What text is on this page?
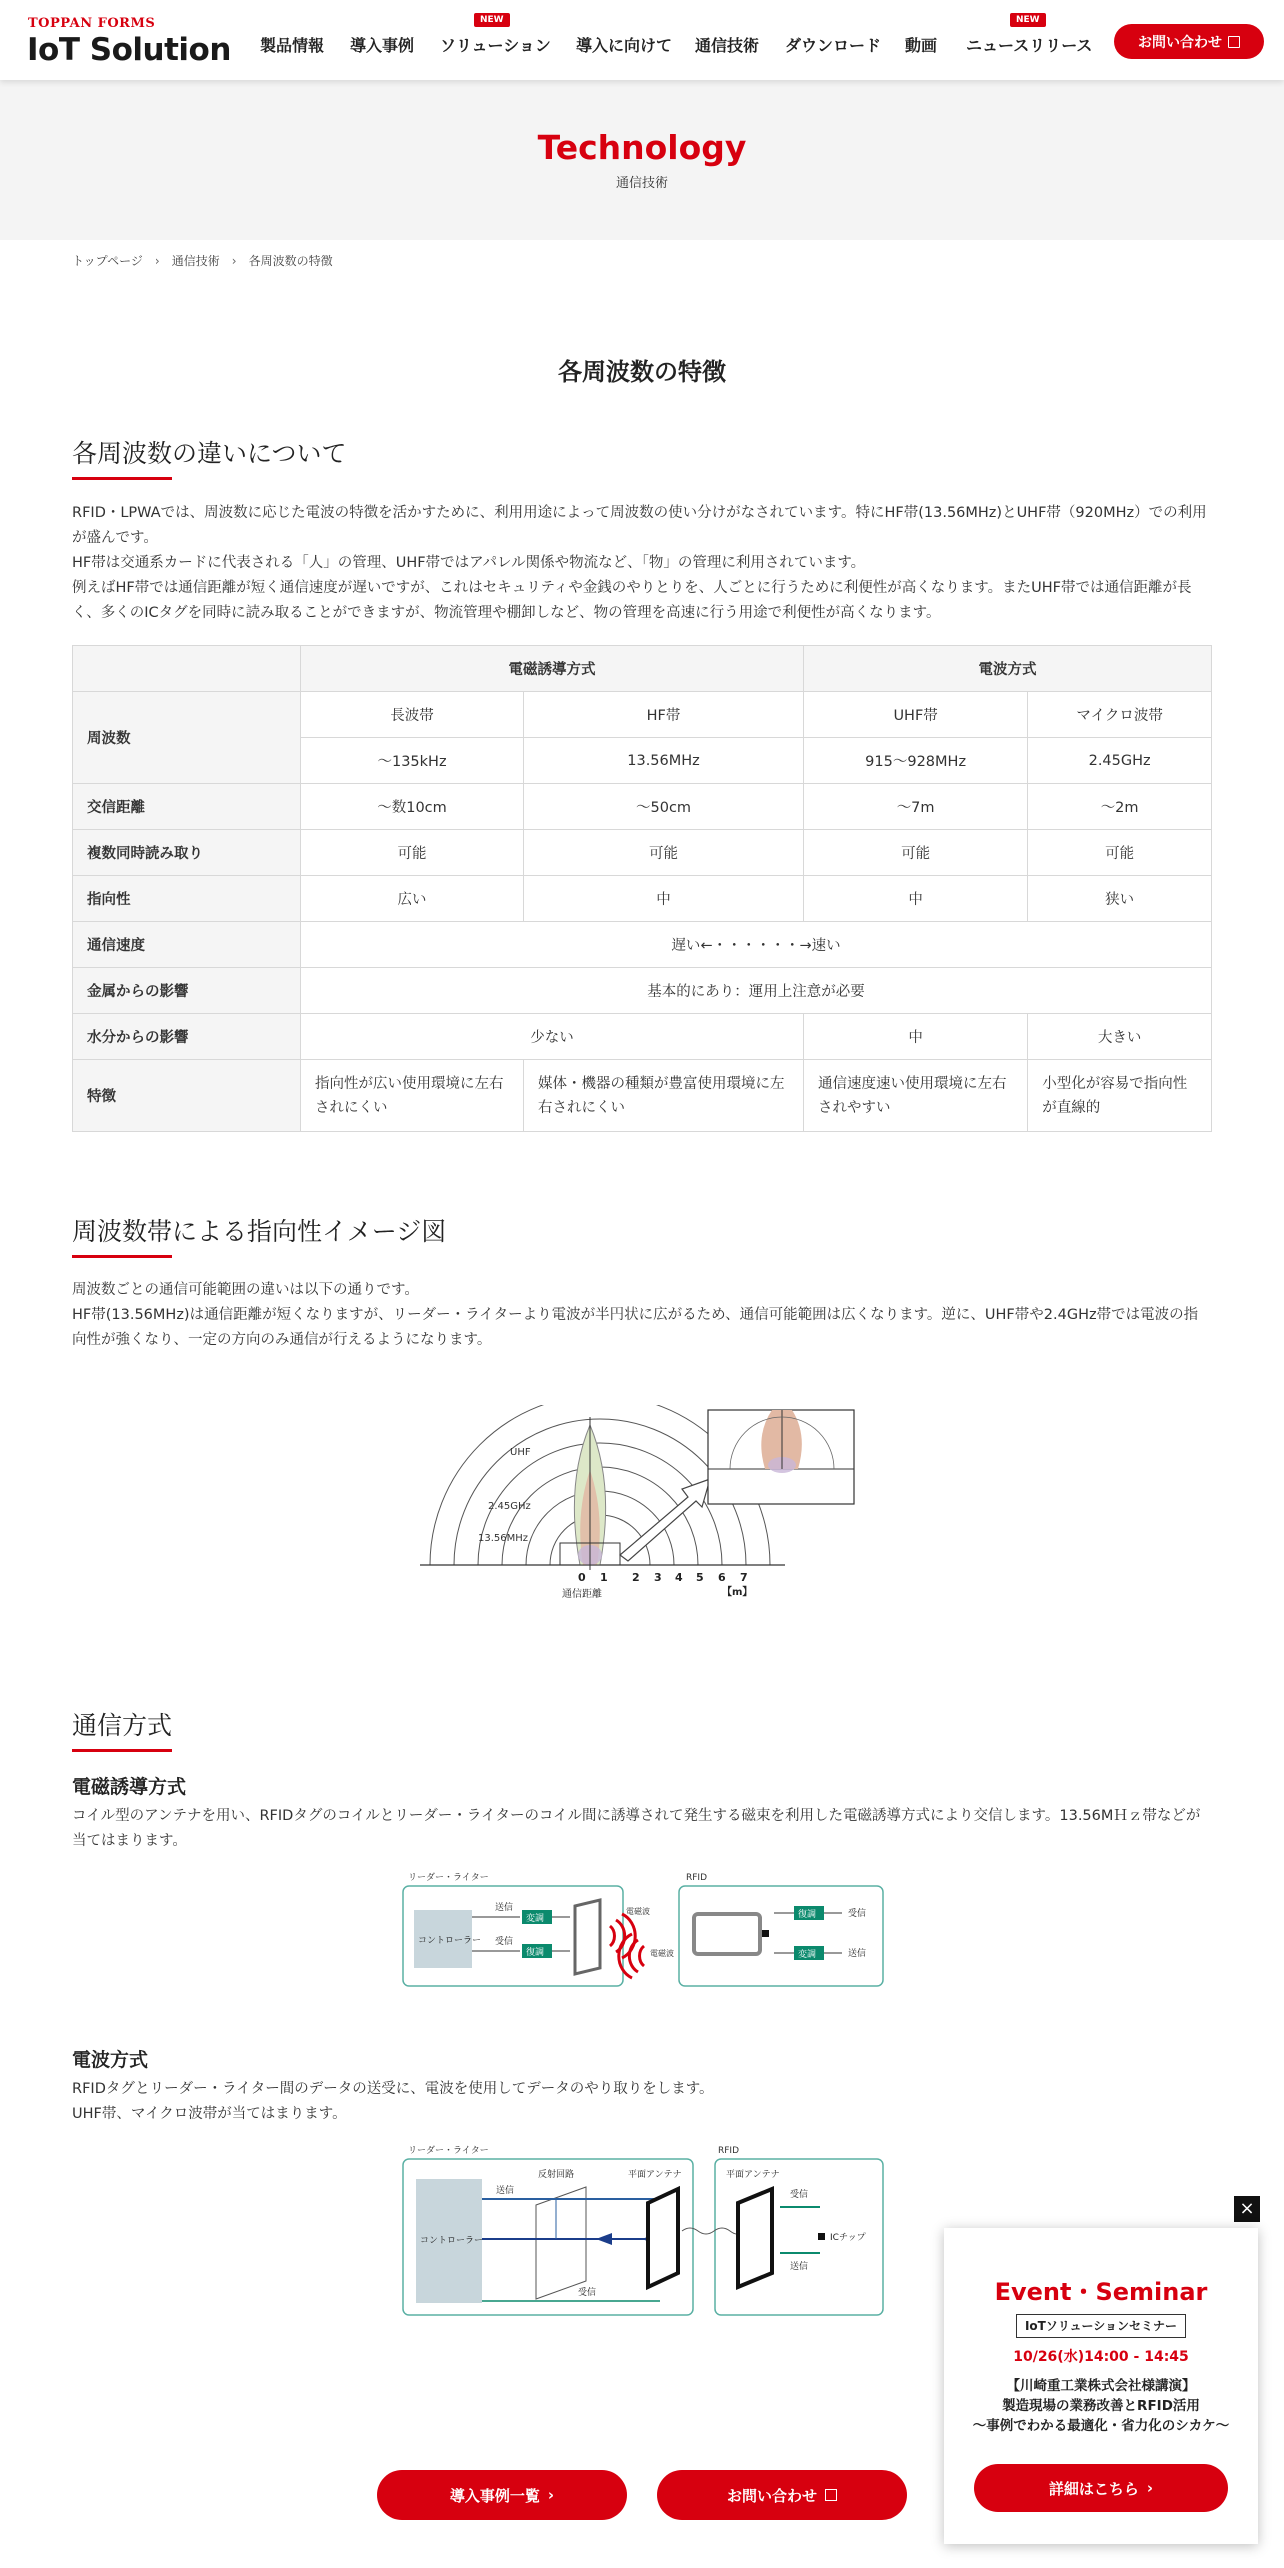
TOPPAN FORMS
IoT Solution 製品情報 導入事例
NEW
ソリューション 導入に向けて 通信技術 ダウンロード 動画
NEW
ニュースリリース	お問い合わせ
Technology
通信技術
トップページ › 通信技術 › 各周波数の特徴
各周波数の特徴
各周波数の違いについて
RFID・LPWAでは、周波数に応じた電波の特徴を活かすために、利用用途によって周波数の使い分けがなされています。特にHF帯(13.56MHz)とUHF帯（920MHz）での利用が盛んです。
HF帯は交通系カードに代表される「人」の管理、UHF帯ではアパレル関係や物流など、「物」の管理に利用されています。
例えばHF帯では通信距離が短く通信速度が遅いですが、これはセキュリティや金銭のやりとりを、人ごとに行うために利便性が高くなります。またUHF帯では通信距離が長く、多くのICタグを同時に読み取ることができますが、物流管理や棚卸しなど、物の管理を高速に行う用途で利便性が高くなります。
	電磁誘導方式		電波方式	
周波数	長波帯	HF帯	UHF帯	マイクロ波帯
	〜135kHz	13.56MHz	915〜928MHz	2.45GHz
交信距離	〜数10cm	〜50cm	〜7m	〜2m
複数同時読み取り	可能	可能	可能	可能
指向性	広い	中	中	狭い
通信速度	遅い←・・・・・・→速い			
金属からの影響	基本的にあり：運用上注意が必要			
水分からの影響	少ない		中	大きい
特徴	指向性が広い使用環境に左右されにくい	媒体・機器の種類が豊富使用環境に左右されにくい	通信速度速い使用環境に左右されやすい	小型化が容易で指向性が直線的
周波数帯による指向性イメージ図
周波数ごとの通信可能範囲の違いは以下の通りです。
HF帯(13.56MHz)は通信距離が短くなりますが、リーダー・ライターより電波が半円状に広がるため、通信可能範囲は広くなります。逆に、UHF帯や2.4GHz帯では電波の指向性が強くなり、一定の方向のみ通信が行えるようになります。
UHF
2.45GHz
13.56MHz
0 1 2 3 4 5 6 7
通信距離	【m】
通信方式
電磁誘導方式
コイル型のアンテナを用い、RFIDタグのコイルとリーダー・ライターのコイル間に誘導されて発生する磁束を利用した電磁誘導方式により交信します。13.56MＨｚ帯などが当てはまります。
リーダー・ライター	RFID
コントローラー
変調
復調
送信
受信
電磁波
電磁波
復調
変調
受信
送信
電波方式
RFIDタグとリーダー・ライター間のデータの送受に、電波を使用してデータのやり取りをします。
UHF帯、マイクロ波帯が当てはまります。
リーダー・ライター	RFID
コントローラー
送信
反射回路	平面アンテナ
受信
平面アンテナ
受信
ICチップ
送信
導入事例一覧 ›	お問い合わせ
×
Event・Seminar
IoTソリューションセミナー
10/26(水)14:00 - 14:45
【川崎重工業株式会社様講演】
製造現場の業務改善とRFID活用
〜事例でわかる最適化・省力化のシカケ〜
詳細はこちら ›
